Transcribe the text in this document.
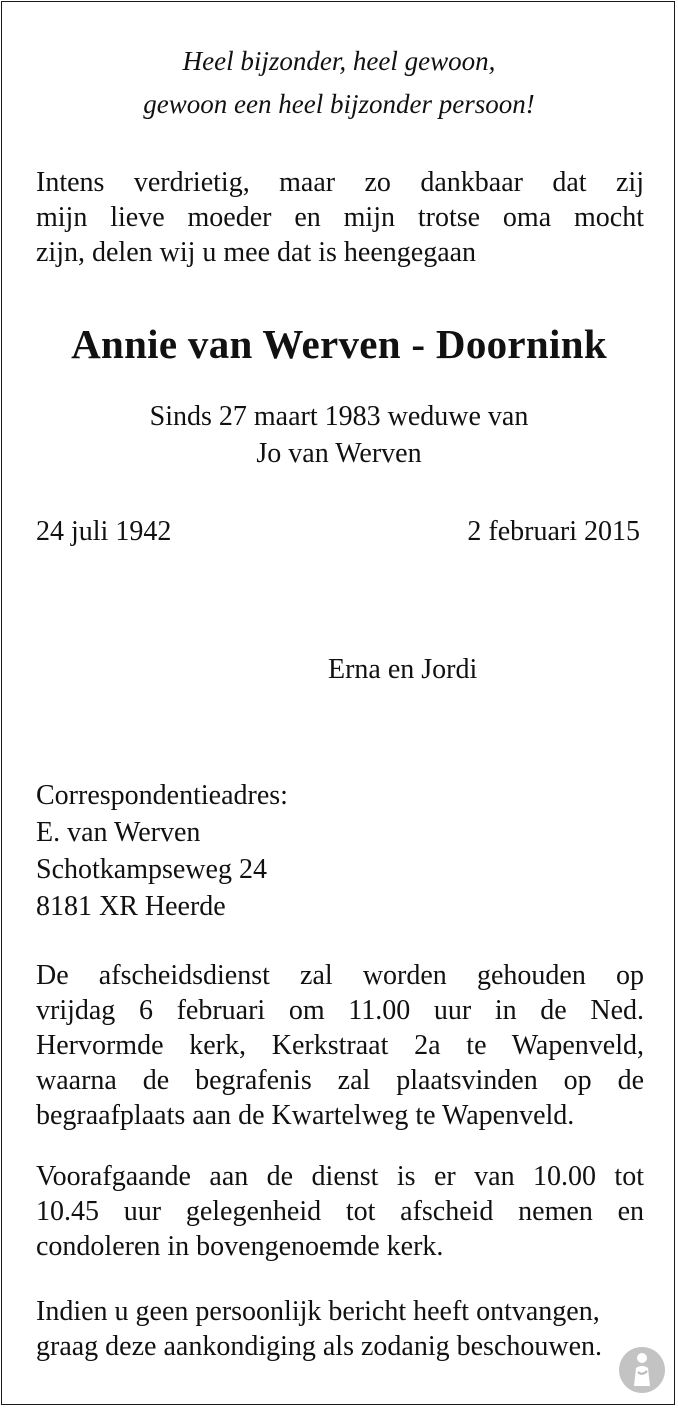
Heel bijzonder, heel gewoon,

gewoon een heel bijzonder persoon!

Intens verdrietig, maar zo dankbaar dat zij
mijn lieve moeder en mijn trotse oma mocht
zijn, delen wij u mee dat is heengegaan
Annie van Werven - Doornink

Sinds 27 maart 1983 weduwe van

Jo van Werven

24 juli 1942	2 februari 2015

Erna en Jordi

Correspondentieadres:
E. van Werven
Schotkampseweg 24
8181 XR Heerde
De afscheidsdienst zal worden gehouden op
vrijdag 6 februari om 11.00 uur in de Ned.
Hervormde kerk, Kerkstraat 2a te Wapenveld,
waarna de begrafenis zal plaatsvinden op de
begraafplaats aan de Kwartelweg te Wapenveld.
Voorafgaande aan de dienst is er van 10.00 tot
10.45 uur gelegenheid tot afscheid nemen en
condoleren in bovengenoemde kerk.
Indien u geen persoonlijk bericht heeft ontvangen,
graag deze aankondiging als zodanig beschouwen.
